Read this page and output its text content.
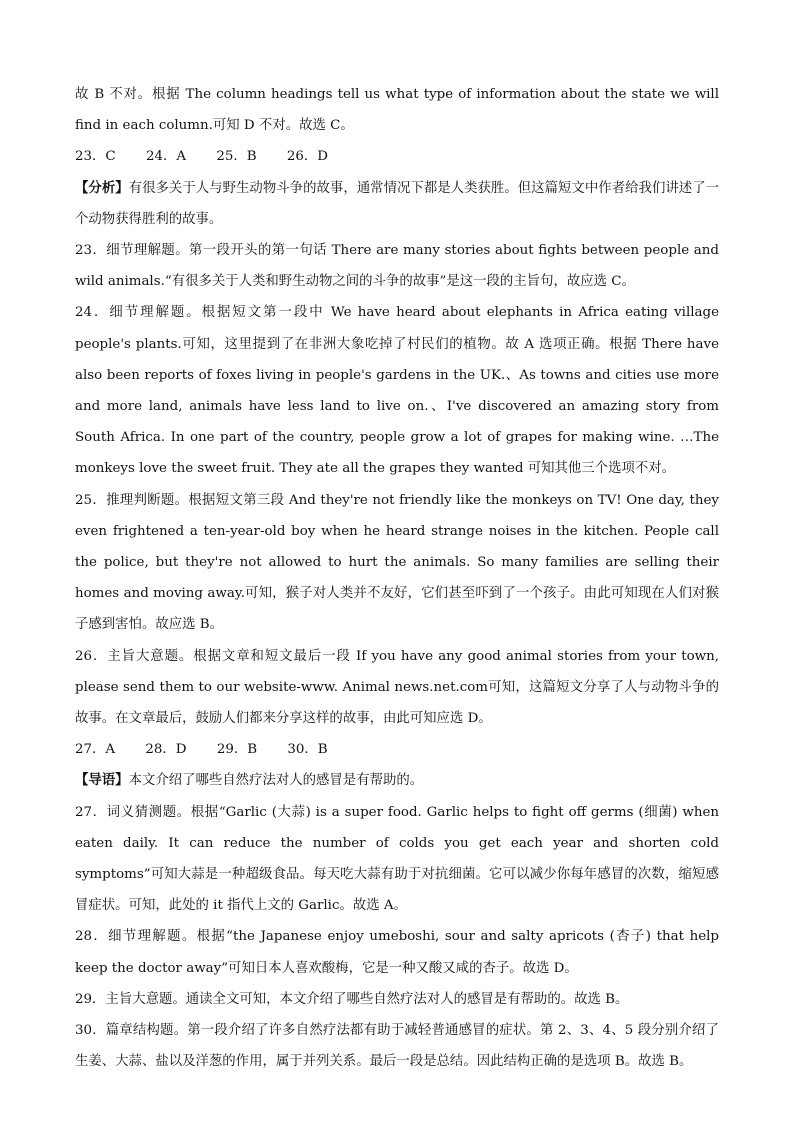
故 B 不对。根据 The column headings tell us what type of information about the state we will find in each column.可知 D 不对。故选 C。

23．C 24．A 25．B 26．D

【分析】有很多关于人与野生动物斗争的故事，通常情况下都是人类获胜。但这篇短文中作者给我们讲述了一个动物获得胜利的故事。

23．细节理解题。第一段开头的第一句话 There are many stories about fights between people and wild animals.“有很多关于人类和野生动物之间的斗争的故事”是这一段的主旨句，故应选 C。

24．细节理解题。根据短文第一段中 We have heard about elephants in Africa eating village people's plants.可知，这里提到了在非洲大象吃掉了村民们的植物。故 A 选项正确。根据 There have also been reports of foxes living in people's gardens in the UK.、As towns and cities use more and more land, animals have less land to live on.、I've discovered an amazing story from South Africa. In one part of the country, people grow a lot of grapes for making wine. …The monkeys love the sweet fruit. They ate all the grapes they wanted 可知其他三个选项不对。

25．推理判断题。根据短文第三段 And they're not friendly like the monkeys on TV! One day, they even frightened a ten-year-old boy when he heard strange noises in the kitchen. People call the police, but they're not allowed to hurt the animals. So many families are selling their homes and moving away.可知，猴子对人类并不友好，它们甚至吓到了一个孩子。由此可知现在人们对猴子感到害怕。故应选 B。

26．主旨大意题。根据文章和短文最后一段 If you have any good animal stories from your town, please send them to our website-www. Animal news.net.com可知，这篇短文分享了人与动物斗争的故事。在文章最后，鼓励人们都来分享这样的故事，由此可知应选 D。

27．A 28．D 29．B 30．B

【导语】本文介绍了哪些自然疗法对人的感冒是有帮助的。

27．词义猜测题。根据“Garlic (大蒜) is a super food. Garlic helps to fight off germs (细菌) when eaten daily. It can reduce the number of colds you get each year and shorten cold symptoms”可知大蒜是一种超级食品。每天吃大蒜有助于对抗细菌。它可以减少你每年感冒的次数，缩短感冒症状。可知，此处的 it 指代上文的 Garlic。故选 A。

28．细节理解题。根据“the Japanese enjoy umeboshi, sour and salty apricots (杏子) that help keep the doctor away”可知日本人喜欢酸梅，它是一种又酸又咸的杏子。故选 D。

29．主旨大意题。通读全文可知，本文介绍了哪些自然疗法对人的感冒是有帮助的。故选 B。

30．篇章结构题。第一段介绍了许多自然疗法都有助于减轻普通感冒的症状。第 2、3、4、5 段分别介绍了生姜、大蒜、盐以及洋葱的作用，属于并列关系。最后一段是总结。因此结构正确的是选项 B。故选 B。
